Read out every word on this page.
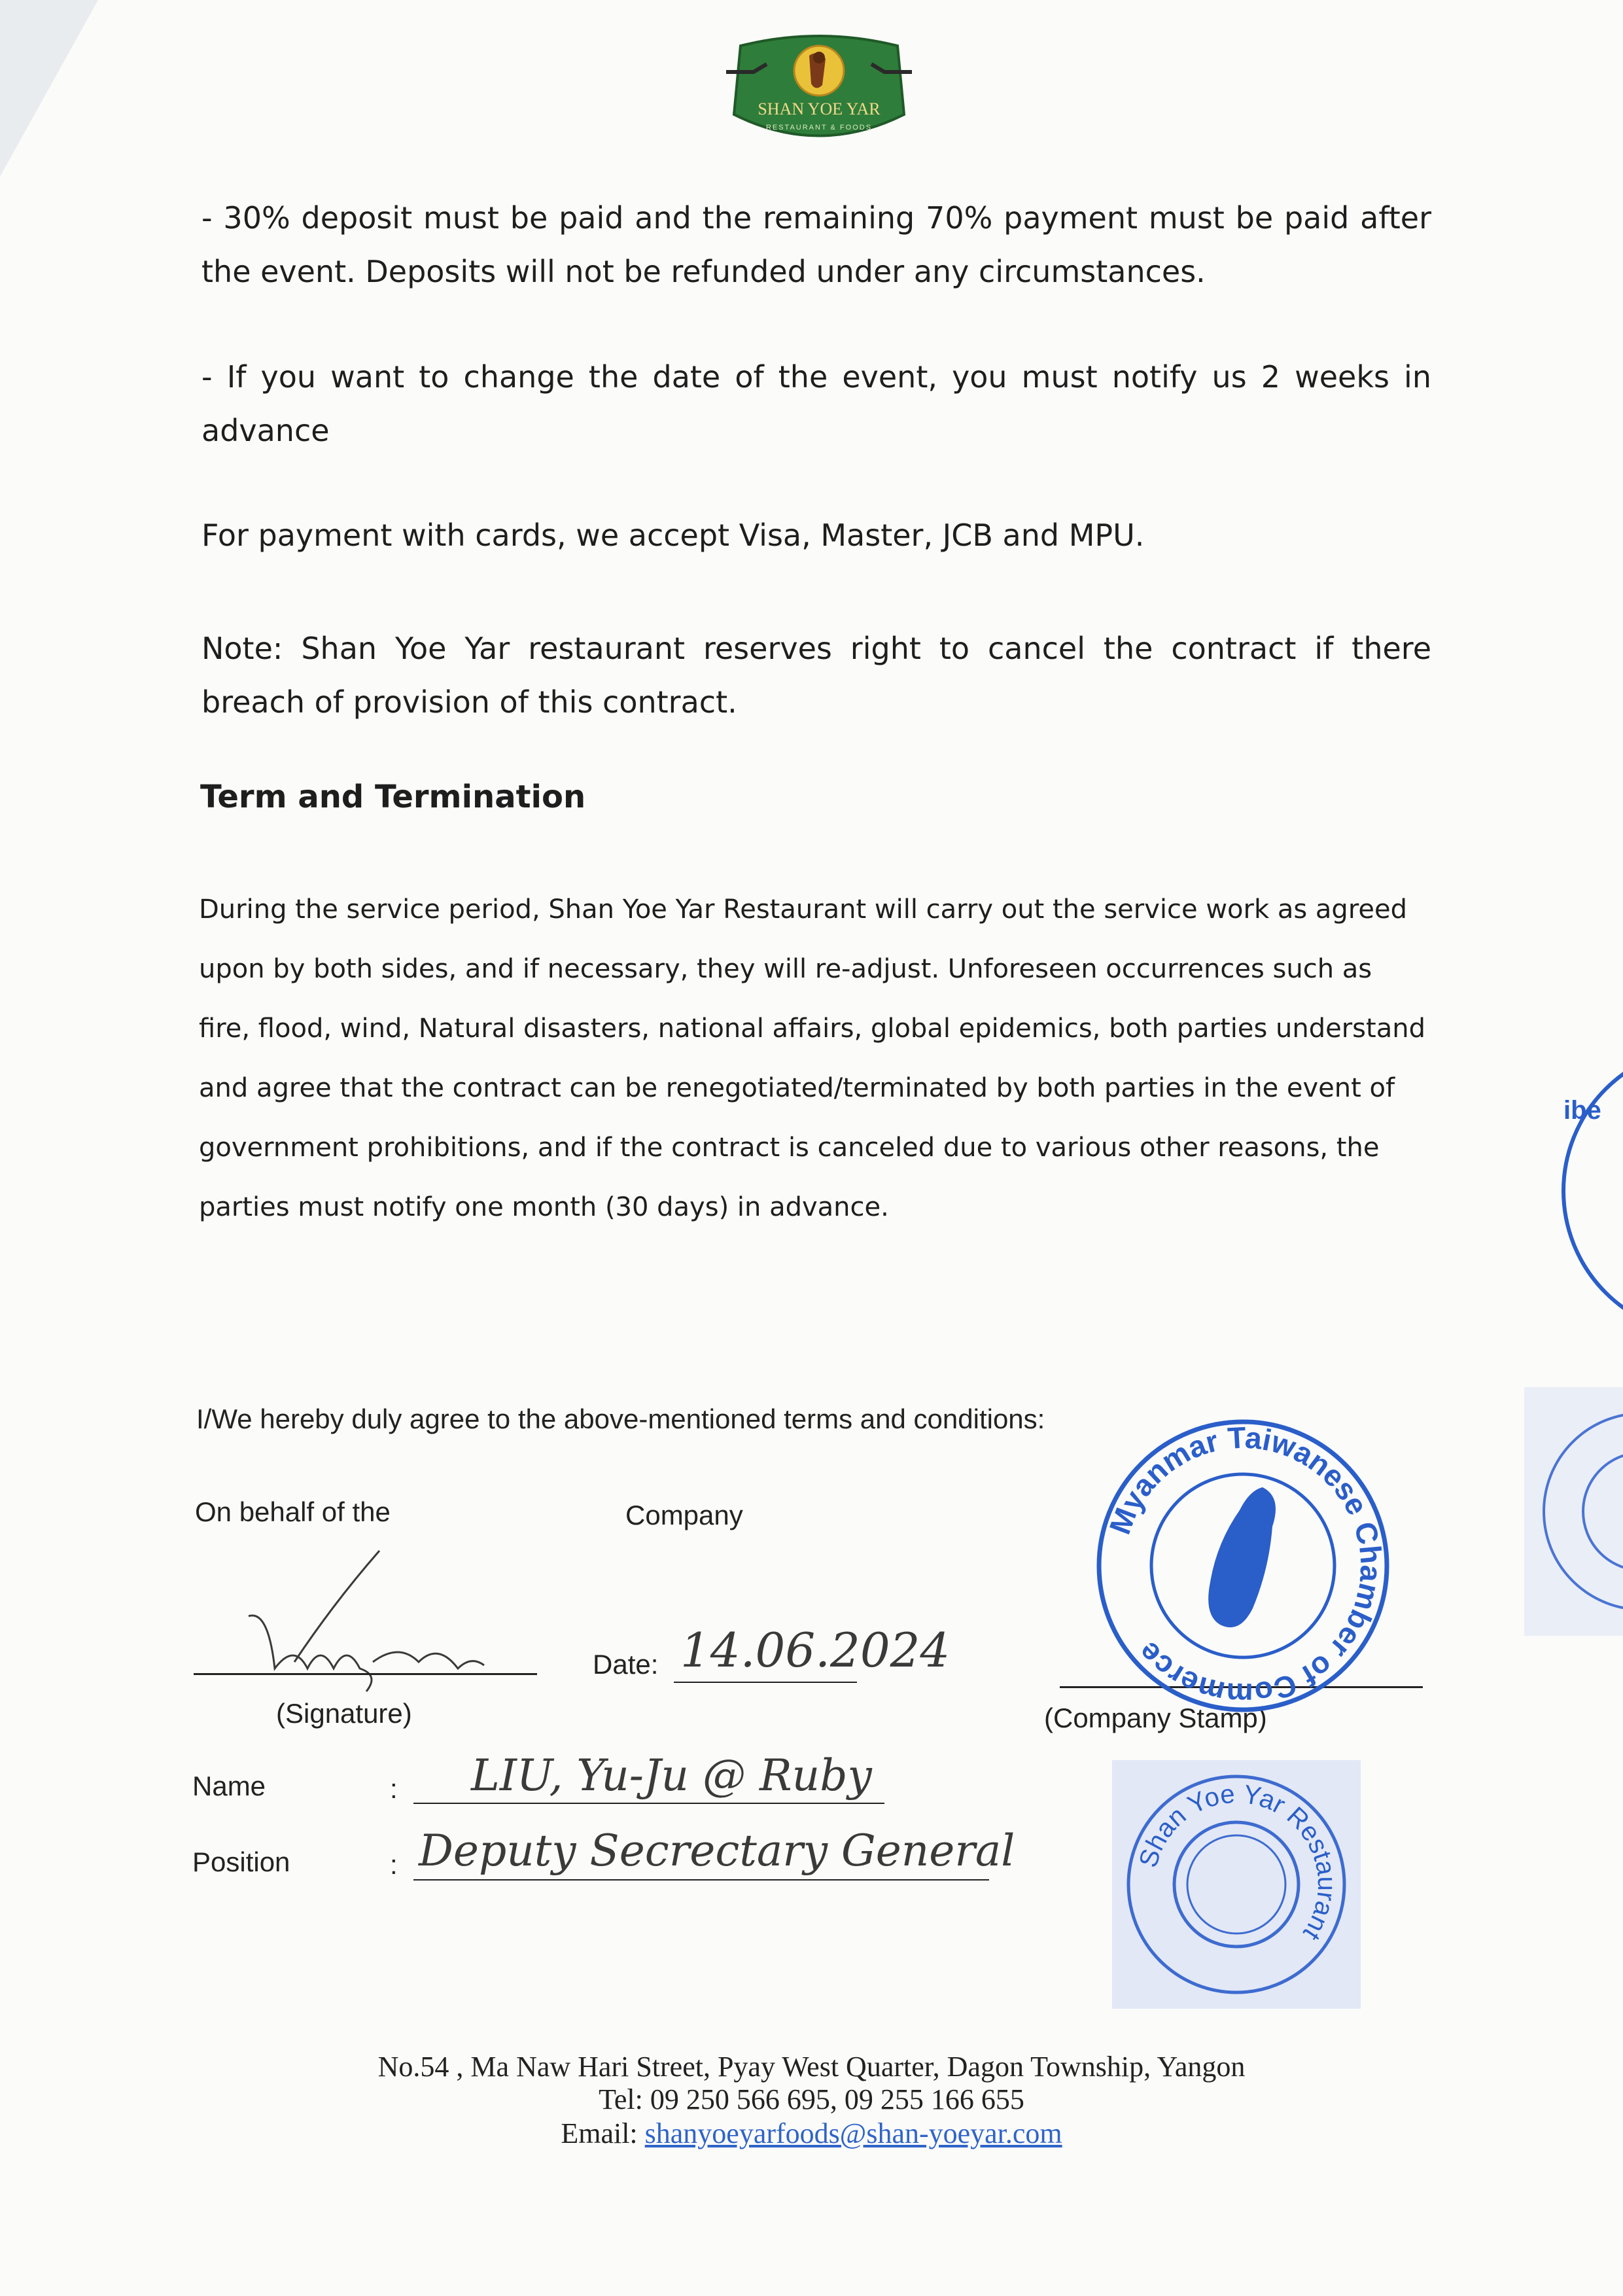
SHAN YOE YAR
RESTAURANT & FOODS
- 30% deposit must be paid and the remaining 70% payment must be paid after the event. Deposits will not be refunded under any circumstances.
- If you want to change the date of the event, you must notify us 2 weeks in advance
For payment with cards, we accept Visa, Master, JCB and MPU.
Note: Shan Yoe Yar restaurant reserves right to cancel the contract if there breach of provision of this contract.
Term and Termination
During the service period, Shan Yoe Yar Restaurant will carry out the service work as agreed upon by both sides, and if necessary, they will re-adjust. Unforeseen occurrences such as fire, flood, wind, Natural disasters, national affairs, global epidemics, both parties understand and agree that the contract can be renegotiated/terminated by both parties in the event of government prohibitions, and if the contract is canceled due to various other reasons, the parties must notify one month (30 days) in advance.
I/We hereby duly agree to the above-mentioned terms and conditions:
On behalf of the	Company
(Signature)
Date: 14.06.2024
(Company Stamp)
Name	: LIU, Yu-Ju @ Ruby
Position	: Deputy Secrectary General
Myanmar Taiwanese Chamber of Commerce
Shan Yoe Yar Restaurant
ibe
No.54 , Ma Naw Hari Street, Pyay West Quarter, Dagon Township, Yangon
Tel: 09 250 566 695, 09 255 166 655
Email: shanyoeyarfoods@shan-yoeyar.com
